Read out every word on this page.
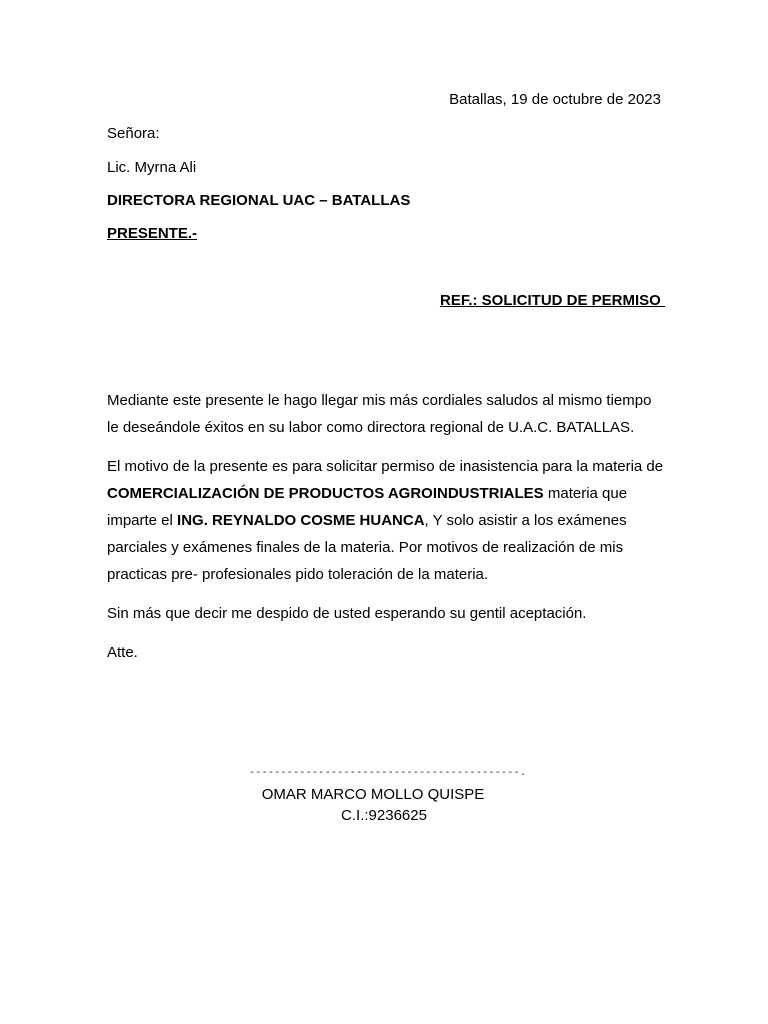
Batallas, 19 de octubre de 2023
Señora:
Lic. Myrna Ali
DIRECTORA REGIONAL UAC – BATALLAS
PRESENTE.-
REF.: SOLICITUD DE PERMISO

Mediante este presente le hago llegar mis más cordiales saludos al mismo tiempo le deseándole éxitos en su labor como directora regional de U.A.C. BATALLAS.

El motivo de la presente es para solicitar permiso de inasistencia para la materia de COMERCIALIZACIÓN DE PRODUCTOS AGROINDUSTRIALES materia que imparte el ING. REYNALDO COSME HUANCA, Y solo asistir a los exámenes parciales y exámenes finales de la materia. Por motivos de realización de mis practicas pre- profesionales pido toleración de la materia.

Sin más que decir me despido de usted esperando su gentil aceptación.

Atte.

-------------------------------------------.
OMAR MARCO MOLLO QUISPE
C.I.:9236625
